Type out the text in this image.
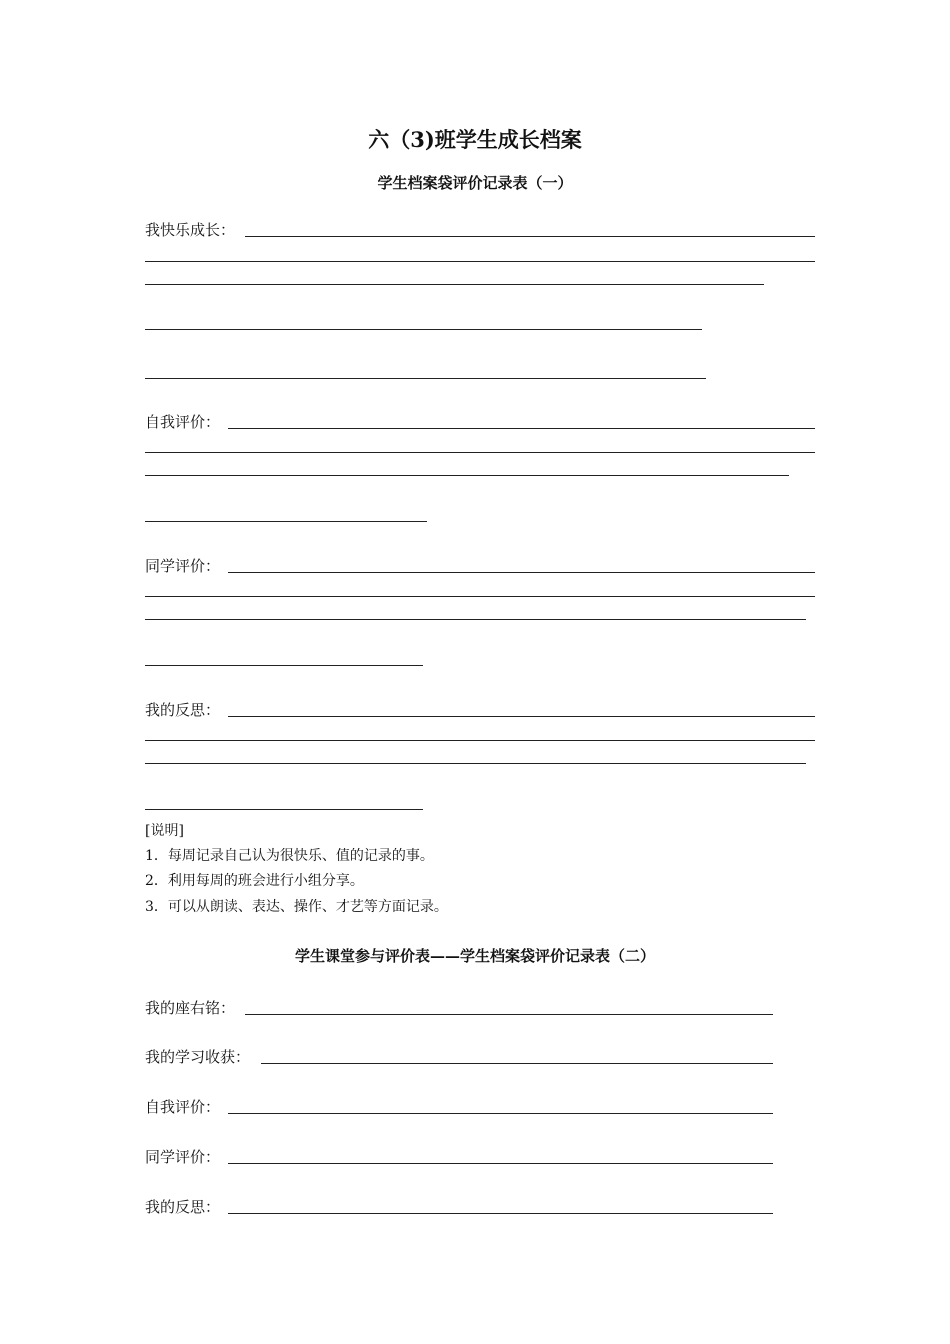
六（3)班学生成长档案
学生档案袋评价记录表（一）
我快乐成长：
自我评价：
同学评价：
我的反思：
[说明]
1．每周记录自己认为很快乐、值的记录的事。
2．利用每周的班会进行小组分享。
3．可以从朗读、表达、操作、才艺等方面记录。
学生课堂参与评价表——学生档案袋评价记录表（二）
我的座右铭：
我的学习收获：
自我评价：
同学评价：
我的反思：
